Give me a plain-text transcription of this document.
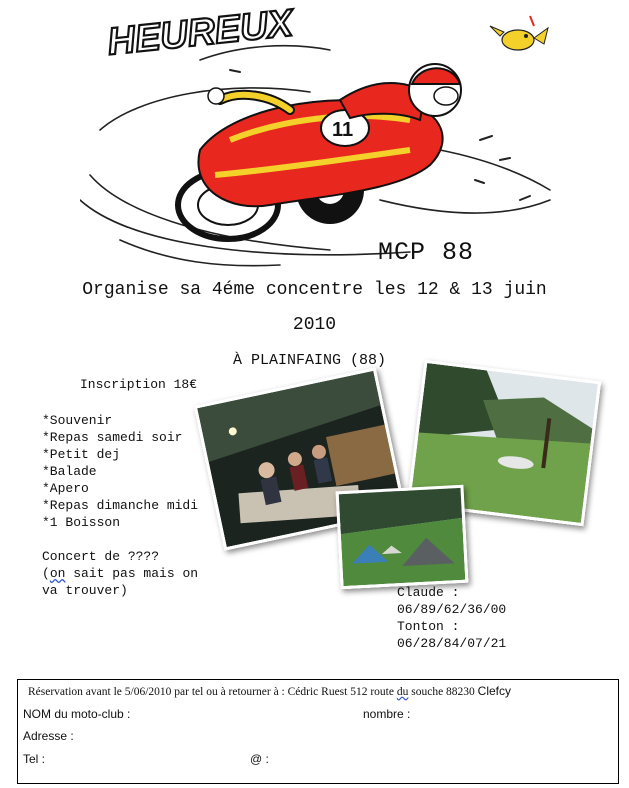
HEUREUX
11
MCP 88
Organise sa 4éme concentre les 12 & 13 juin
2010
À PLAINFAING (88)
Inscription 18€
*Souvenir
*Repas samedi soir
*Petit dej
*Balade
*Apero
*Repas dimanche midi
*1 Boisson
Concert de ????
(on sait pas mais on
va trouver)	Claude :
06/89/62/36/00
Tonton :
06/28/84/07/21
Réservation avant le 5/06/2010 par tel ou à retourner à : Cédric Ruest 512 route du souche 88230 Clefcy
NOM du moto-club :	nombre :
Adresse :
Tel :	@ :
